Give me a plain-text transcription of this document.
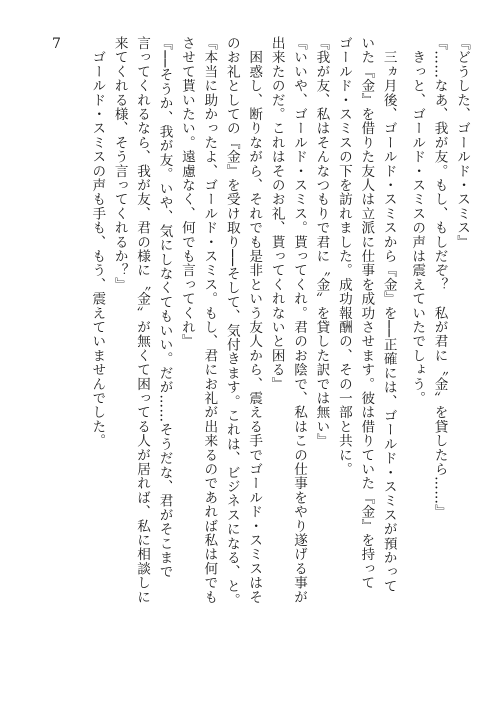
7	『どうした、ゴールド・スミス』
『……なあ、我が友。もし、もしだぞ？　私が君に〝金〟を貸したら……』
　きっと、ゴールド・スミスの声は震えていたでしょう。
　三ヵ月後、ゴールド・スミスから『金』を──正確には、ゴールド・スミスが預かって
いた『金』を借りた友人は立派に仕事を成功させます。彼は借りていた『金』を持って
ゴールド・スミスの下を訪れました。成功報酬の、その一部と共に。
『我が友、私はそんなつもりで君に〝金〟を貸した訳では無い』
『いいや、ゴールド・スミス。貰ってくれ。君のお陰で、私はこの仕事をやり遂げる事が
出来たのだ。これはそのお礼、貰ってくれないと困る』
　困惑し、断りながら、それでも是非という友人から、震える手でゴールド・スミスはそ
のお礼としての『金』を受け取り──そして、気付きます。これは、ビジネスになる、と。
『本当に助かったよ、ゴールド・スミス。もし、君にお礼が出来るのであれば私は何でも
させて貰いたい。遠慮なく、何でも言ってくれ』
『──そうか、我が友。いや、気にしなくてもいい。だが……そうだな、君がそこまで
言ってくれるなら、我が友、君の様に〝金〟が無くて困ってる人が居れば、私に相談しに
来てくれる様、そう言ってくれるか？』
　ゴールド・スミスの声も手も、もう、震えていませんでした。
